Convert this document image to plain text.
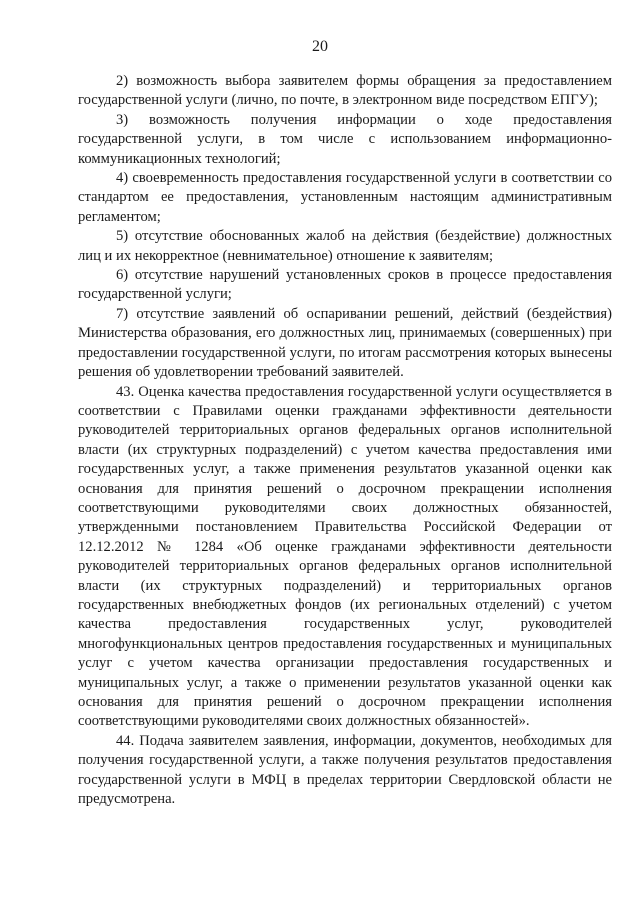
20

2) возможность выбора заявителем формы обращения за предоставлением государственной услуги (лично, по почте, в электронном виде посредством ЕПГУ);

3) возможность получения информации о ходе предоставления государственной услуги, в том числе с использованием информационно-коммуникационных технологий;

4) своевременность предоставления государственной услуги в соответствии со стандартом ее предоставления, установленным настоящим административным регламентом;

5) отсутствие обоснованных жалоб на действия (бездействие) должностных лиц и их некорректное (невнимательное) отношение к заявителям;

6) отсутствие нарушений установленных сроков в процессе предоставления государственной услуги;

7) отсутствие заявлений об оспаривании решений, действий (бездействия) Министерства образования, его должностных лиц, принимаемых (совершенных) при предоставлении государственной услуги, по итогам рассмотрения которых вынесены решения об удовлетворении требований заявителей.

43. Оценка качества предоставления государственной услуги осуществляется в соответствии с Правилами оценки гражданами эффективности деятельности руководителей территориальных органов федеральных органов исполнительной власти (их структурных подразделений) с учетом качества предоставления ими государственных услуг, а также применения результатов указанной оценки как основания для принятия решений о досрочном прекращении исполнения соответствующими руководителями своих должностных обязанностей, утвержденными постановлением Правительства Российской Федерации от 12.12.2012 № 1284 «Об оценке гражданами эффективности деятельности руководителей территориальных органов федеральных органов исполнительной власти (их структурных подразделений) и территориальных органов государственных внебюджетных фондов (их региональных отделений) с учетом качества предоставления государственных услуг, руководителей многофункциональных центров предоставления государственных и муниципальных услуг с учетом качества организации предоставления государственных и муниципальных услуг, а также о применении результатов указанной оценки как основания для принятия решений о досрочном прекращении исполнения соответствующими руководителями своих должностных обязанностей».

44. Подача заявителем заявления, информации, документов, необходимых для получения государственной услуги, а также получения результатов предоставления государственной услуги в МФЦ в пределах территории Свердловской области не предусмотрена.
